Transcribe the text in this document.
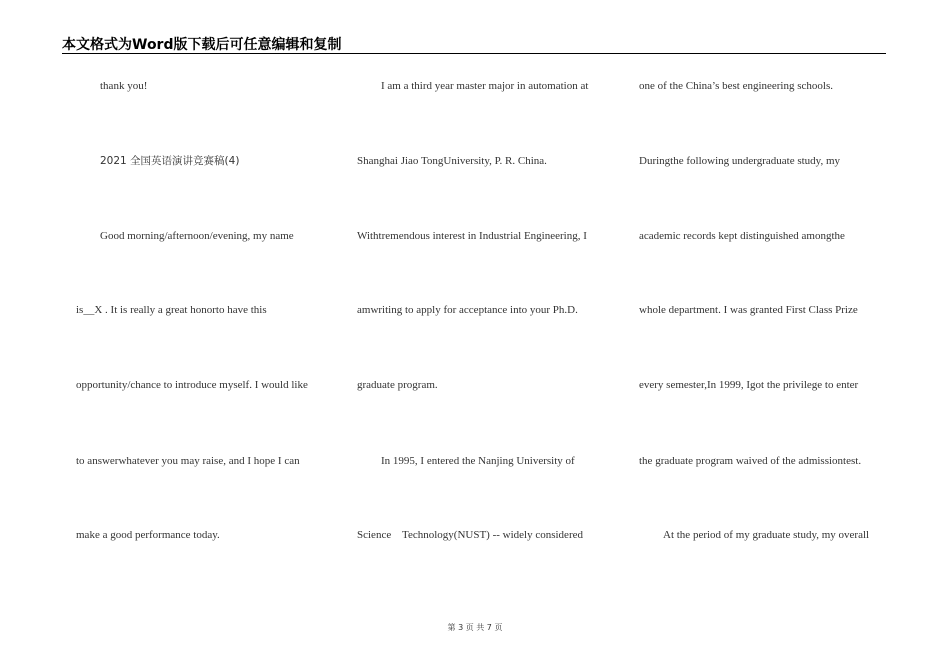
本文格式为Word版下载后可任意编辑和复制
thank you!
2021 全国英语演讲竞赛稿(4)
Good morning/afternoon/evening, my name
is__X . It is really a great honorto have this
opportunity/chance to introduce myself. I would like
to answerwhatever you may raise, and I hope I can
make a good performance today.
I am a third year master major in automation at
Shanghai Jiao TongUniversity, P. R. China.
Withtremendous interest in Industrial Engineering, I
amwriting to apply for acceptance into your Ph.D.
graduate program.
In 1995, I entered the Nanjing University of
Science    Technology(NUST) -- widely considered
one of the China’s best engineering schools.
Duringthe following undergraduate study, my
academic records kept distinguished amongthe
whole department. I was granted First Class Prize
every semester,In 1999, Igot the privilege to enter
the graduate program waived of the admissiontest.
At the period of my graduate study, my overall
第 3 页 共 7 页
